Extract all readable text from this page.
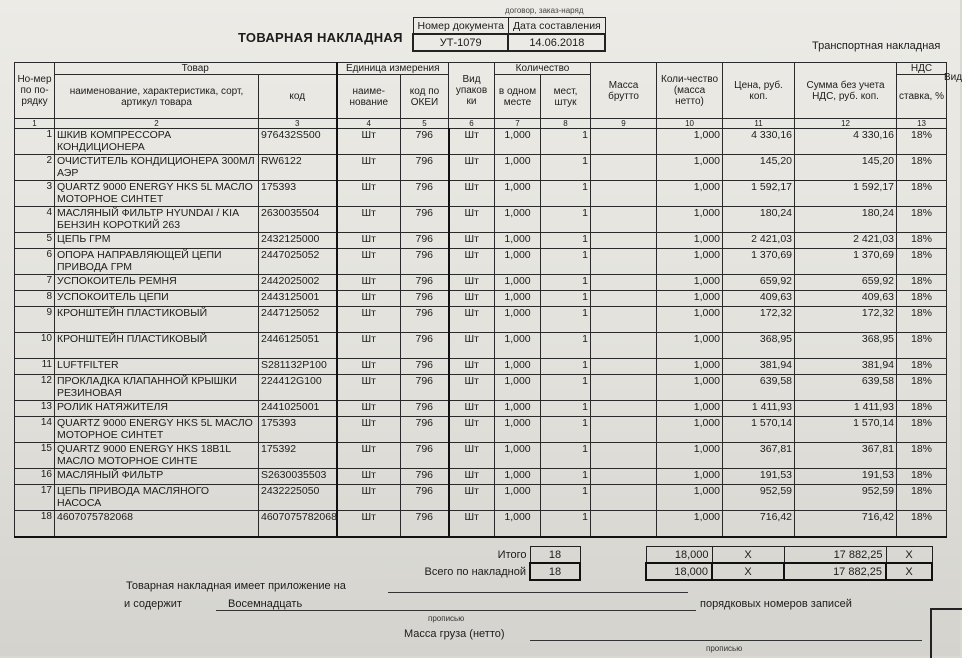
договор, заказ-наряд
ТОВАРНАЯ НАКЛАДНАЯ
Номер документа	Дата составления
УТ-1079	14.06.2018	Транспортная накладная
Вид
Но-мер по по-рядку	Товар		Единица измерения		Вид упаков ки	Количество		Масса брутто	Коли-чество (масса нетто)	Цена, руб. коп.	Сумма без учета НДС, руб. коп.	НДС
	наименование, характеристика, сорт, артикул товара	код	наиме-нование	код по ОКЕИ		в одном месте	мест, штук					ставка, %
1	2	3	4	5	6	7	8	9	10	11	12	13
1	ШКИВ КОМПРЕССОРА КОНДИЦИОНЕРА	976432S500	Шт	796	Шт	1,000	1		1,000	4 330,16	4 330,16	18%
2	ОЧИСТИТЕЛЬ КОНДИЦИОНЕРА 300МЛ АЭР	RW6122	Шт	796	Шт	1,000	1		1,000	145,20	145,20	18%
3	QUARTZ 9000 ENERGY HKS 5L МАСЛО МОТОРНОЕ СИНТЕТ	175393	Шт	796	Шт	1,000	1		1,000	1 592,17	1 592,17	18%
4	МАСЛЯНЫЙ ФИЛЬТР HYUNDAI / KIA БЕНЗИН КОРОТКИЙ 263	2630035504	Шт	796	Шт	1,000	1		1,000	180,24	180,24	18%
5	ЦЕПЬ ГРМ	2432125000	Шт	796	Шт	1,000	1		1,000	2 421,03	2 421,03	18%
6	ОПОРА НАПРАВЛЯЮЩЕЙ ЦЕПИ ПРИВОДА ГРМ	2447025052	Шт	796	Шт	1,000	1		1,000	1 370,69	1 370,69	18%
7	УСПОКОИТЕЛЬ РЕМНЯ	2442025002	Шт	796	Шт	1,000	1		1,000	659,92	659,92	18%
8	УСПОКОИТЕЛЬ ЦЕПИ	2443125001	Шт	796	Шт	1,000	1		1,000	409,63	409,63	18%
9	КРОНШТЕЙН ПЛАСТИКОВЫЙ	2447125052	Шт	796	Шт	1,000	1		1,000	172,32	172,32	18%
10	КРОНШТЕЙН ПЛАСТИКОВЫЙ	2446125051	Шт	796	Шт	1,000	1		1,000	368,95	368,95	18%
11	LUFTFILTER	S281132P100	Шт	796	Шт	1,000	1		1,000	381,94	381,94	18%
12	ПРОКЛАДКА КЛАПАННОЙ КРЫШКИ РЕЗИНОВАЯ	224412G100	Шт	796	Шт	1,000	1		1,000	639,58	639,58	18%
13	РОЛИК НАТЯЖИТЕЛЯ	2441025001	Шт	796	Шт	1,000	1		1,000	1 411,93	1 411,93	18%
14	QUARTZ 9000 ENERGY HKS 5L МАСЛО МОТОРНОЕ СИНТЕТ	175393	Шт	796	Шт	1,000	1		1,000	1 570,14	1 570,14	18%
15	QUARTZ 9000 ENERGY HKS 18B1L МАСЛО МОТОРНОЕ СИНТЕ	175392	Шт	796	Шт	1,000	1		1,000	367,81	367,81	18%
16	МАСЛЯНЫЙ ФИЛЬТР	S2630035503	Шт	796	Шт	1,000	1		1,000	191,53	191,53	18%
17	ЦЕПЬ ПРИВОДА МАСЛЯНОГО НАСОСА	2432225050	Шт	796	Шт	1,000	1		1,000	952,59	952,59	18%
18	4607075782068	4607075782068	Шт	796	Шт	1,000	1		1,000	716,42	716,42	18%
Итого	18		18,000	X	17 882,25	X
Всего по накладной	18		18,000	X	17 882,25	X
Товарная накладная имеет приложение на
и содержит	Восемнадцать	порядковых номеров записей
прописью
Масса груза (нетто)
прописью
